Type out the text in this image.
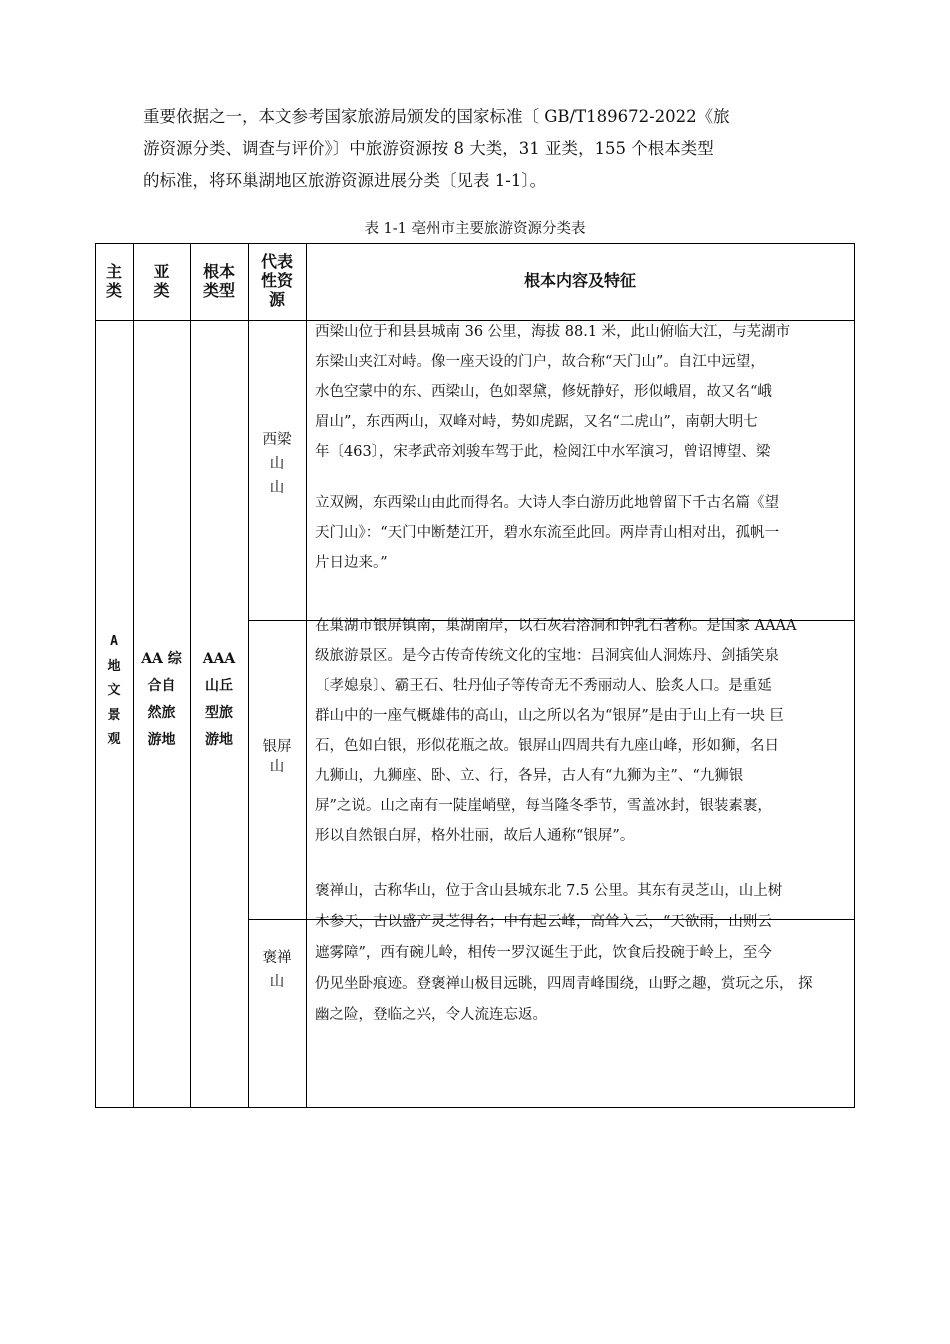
重要依据之一，本文参考国家旅游局颁发的国家标准〔 GB/T189672-2022《旅
游资源分类、调查与评价》〕中旅游资源按 8 大类，31 亚类，155 个根本类型
的标准，将环巢湖地区旅游资源进展分类〔见表 1-1〕。
表 1-1 亳州市主要旅游资源分类表
主
类
亚
类
根本
类型
代表
性资
源
根本内容及特征
A
地
文
景
观
AA 综
合自
然旅
游地
AAA
山丘
型旅
游地
西梁
山
山
银屏
山
褒禅
山
西梁山位于和县县城南 36 公里，海拔 88.1 米，此山俯临大江，与芜湖市
东梁山夹江对峙。像一座天设的门户，故合称“天门山”。自江中远望，
水色空蒙中的东、西梁山，色如翠黛，修妩静好，形似峨眉，故又名“峨
眉山”，东西两山，双峰对峙，势如虎踞，又名“二虎山”，南朝大明七
年〔463〕，宋孝武帝刘骏车驾于此，检阅江中水军演习，曾诏博望、梁
立双阙，东西梁山由此而得名。大诗人李白游历此地曾留下千古名篇《望
天门山》：“天门中断楚江开，碧水东流至此回。两岸青山相对出，孤帆一
片日边来。”
在巢湖市银屏镇南，巢湖南岸，以石灰岩溶洞和钟乳石著称。是国家 AAAA
级旅游景区。是今古传奇传统文化的宝地：吕洞宾仙人洞炼丹、剑插笑泉
〔孝媳泉〕、霸王石、牡丹仙子等传奇无不秀丽动人、脍炙人口。是重延
群山中的一座气概雄伟的高山，山之所以名为“银屏”是由于山上有一块 巨
石，色如白银，形似花瓶之故。银屏山四周共有九座山峰，形如狮，名日
九狮山，九狮座、卧、立、行，各异，古人有“九狮为主”、“九狮银
屏”之说。山之南有一陡崖峭壁，每当隆冬季节，雪盖冰封，银装素裹，
形以自然银白屏，格外壮丽，故后人通称“银屏”。
褒禅山，古称华山，位于含山县城东北 7.5 公里。其东有灵芝山，山上树
木参天，古以盛产灵芝得名；中有起云峰，高耸入云，“天欲雨，山则云
遮雾障”，西有碗儿岭，相传一罗汉诞生于此，饮食后投碗于岭上，至今
仍见坐卧痕迹。登褒禅山极目远眺，四周青峰围绕，山野之趣，赏玩之乐， 探
幽之险，登临之兴，令人流连忘返。
